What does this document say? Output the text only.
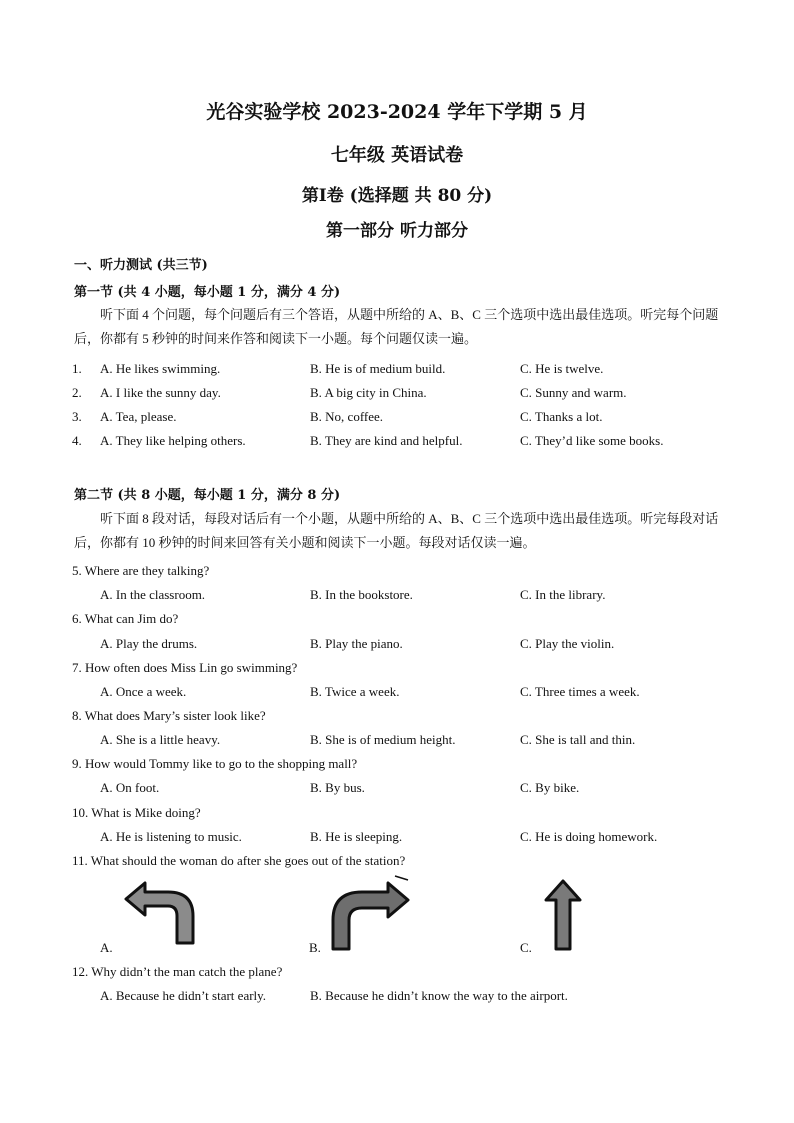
光谷实验学校 2023-2024 学年下学期 5 月
七年级 英语试卷
第Ⅰ卷 (选择题 共 80 分)
第一部分 听力部分
一、听力测试 (共三节)
第一节 (共 4 小题，每小题 1 分，满分 4 分)
听下面 4 个问题，每个问题后有三个答语，从题中所给的 A、B、C 三个选项中选出最佳选项。听完每个问题后，你都有 5 秒钟的时间来作答和阅读下一小题。每个问题仅读一遍。
1. A. He likes swimming.	B. He is of medium build.	C. He is twelve.
2. A. I like the sunny day.	B. A big city in China.	C. Sunny and warm.
3. A. Tea, please.	B. No, coffee.	C. Thanks a lot.
4. A. They like helping others.	B. They are kind and helpful.	C. They’d like some books.
第二节 (共 8 小题，每小题 1 分，满分 8 分)
听下面 8 段对话，每段对话后有一个小题，从题中所给的 A、B、C 三个选项中选出最佳选项。听完每段对话后，你都有 10 秒钟的时间来回答有关小题和阅读下一小题。每段对话仅读一遍。
5. Where are they talking?
A. In the classroom.	B. In the bookstore.	C. In the library.
6. What can Jim do?
A. Play the drums.	B. Play the piano.	C. Play the violin.
7. How often does Miss Lin go swimming?
A. Once a week.	B. Twice a week.	C. Three times a week.
8. What does Mary’s sister look like?
A. She is a little heavy.	B. She is of medium height.	C. She is tall and thin.
9. How would Tommy like to go to the shopping mall?
A. On foot.	B. By bus.	C. By bike.
10. What is Mike doing?
A. He is listening to music.	B. He is sleeping.	C. He is doing homework.
11. What should the woman do after she goes out of the station?
A.	B.	C.
12. Why didn’t the man catch the plane?
A. Because he didn’t start early.	B. Because he didn’t know the way to the airport.
